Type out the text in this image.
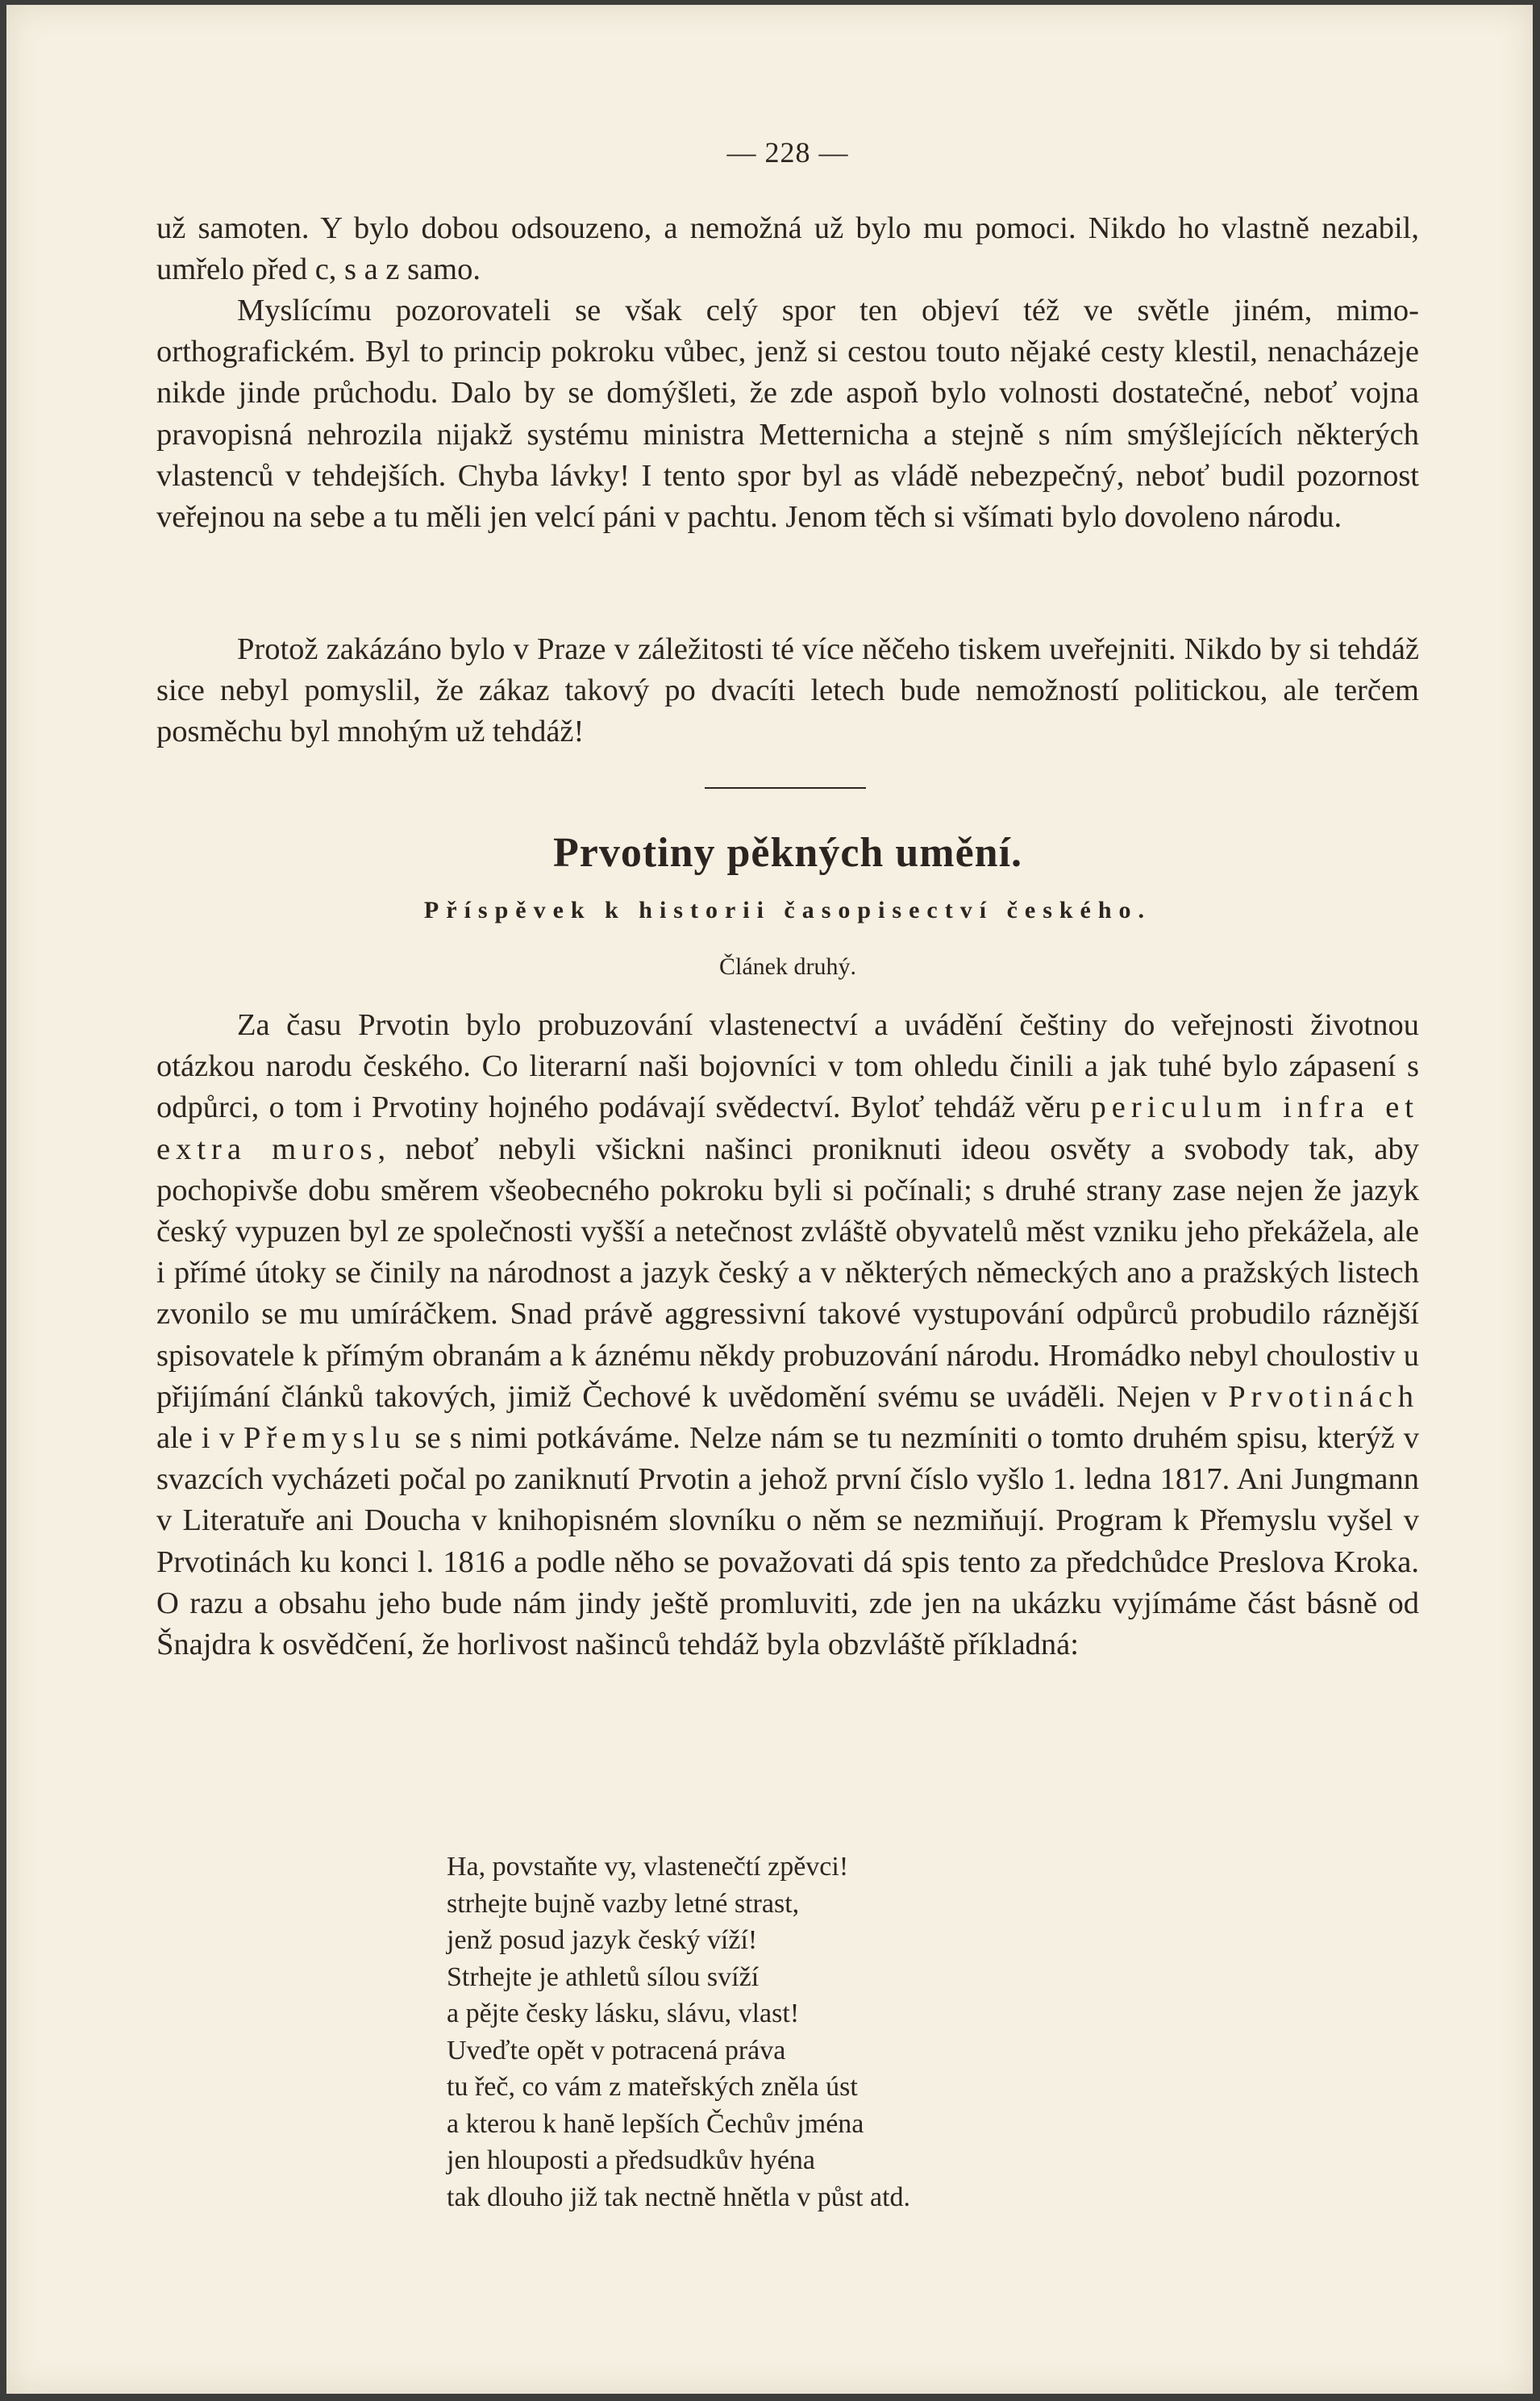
— 228 —

už samoten. Y bylo dobou odsouzeno, a nemožná už bylo mu pomoci. Nikdo ho vlastně nezabil, umřelo před c, s a z samo.

Myslícímu pozorovateli se však celý spor ten objeví též ve světle jiném, mimo-orthografickém. Byl to princip pokroku vůbec, jenž si cestou touto nějaké cesty klestil, nenacházeje nikde jinde průchodu. Dalo by se domýšleti, že zde aspoň bylo volnosti dostatečné, neboť vojna pravopisná nehrozila nijakž systému ministra Metternicha a stejně s ním smýšlejících některých vlastenců v tehdejších. Chyba lávky! I tento spor byl as vládě nebezpečný, neboť budil pozornost veřejnou na sebe a tu měli jen velcí páni v pachtu. Jenom těch si všímati bylo dovoleno národu.

Protož zakázáno bylo v Praze v záležitosti té více něčeho tiskem uveřejniti. Nikdo by si tehdáž sice nebyl pomyslil, že zákaz takový po dvacíti letech bude nemožností politickou, ale terčem posměchu byl mnohým už tehdáž!

Prvotiny pěkných umění.
Příspěvek k historii časopisectví českého.
Článek druhý.

Za času Prvotin bylo probuzování vlastenectví a uvádění češtiny do veřejnosti životnou otázkou narodu českého. Co literarní naši bojovníci v tom ohledu činili a jak tuhé bylo zápasení s odpůrci, o tom i Prvotiny hojného podávají svědectví. Bylоť tehdáž věru periculum infra et extra muros, neboť nebyli všickni našinci proniknuti ideou osvěty a svobody tak, aby pochopivše dobu směrem všeobecného pokroku byli si počínali; s druhé strany zase nejen že jazyk český vypuzen byl ze společnosti vyšší a netečnost zvláště obyvatelů měst vzniku jeho překážela, ale i přímé útoky se činily na národnost a jazyk český a v některých německých ano a pražských listech zvonilo se mu umíráčkem. Snad právě aggressivní takové vystupování odpůrců probudilo ráznější spisovatele k přímým obranám a k áznému někdy probuzování národu. Hromádko nebyl choulostiv u přijímání článků takových, jimiž Čechové k uvědomění svému se uváděli. Nejen v Prvotinách ale i v Přemyslu se s nimi potkáváme. Nelze nám se tu nezmíniti o tomto druhém spisu, kterýž v svazcích vycházeti počal po zaniknutí Prvotin a jehož první číslo vyšlo 1. ledna 1817. Ani Jungmann v Literatuře ani Doucha v knihopisném slovníku o něm se nezmiňují. Program k Přemyslu vyšel v Prvotinách ku konci l. 1816 a podle něho se považovati dá spis tento za předchůdce Preslova Kroka. O razu a obsahu jeho bude nám jindy ještě promluviti, zde jen na ukázku vyjímáme část básně od Šnajdra k osvědčení, že horlivost našinců tehdáž byla obzvláště příkladná:

Ha, povstaňte vy, vlastenečtí zpěvci!
strhejte bujně vazby letné strast,
jenž posud jazyk český víží!
Strhejte je athletů sílou svíží
a pějte česky lásku, slávu, vlast!
Uveďte opět v potracená práva
tu řeč, co vám z mateřských zněla úst
a kterou k hanĕ lepších Čechův jména
jen hlouposti a předsudkův hyéna
tak dlouho již tak nectně hnětla v půst atd.
